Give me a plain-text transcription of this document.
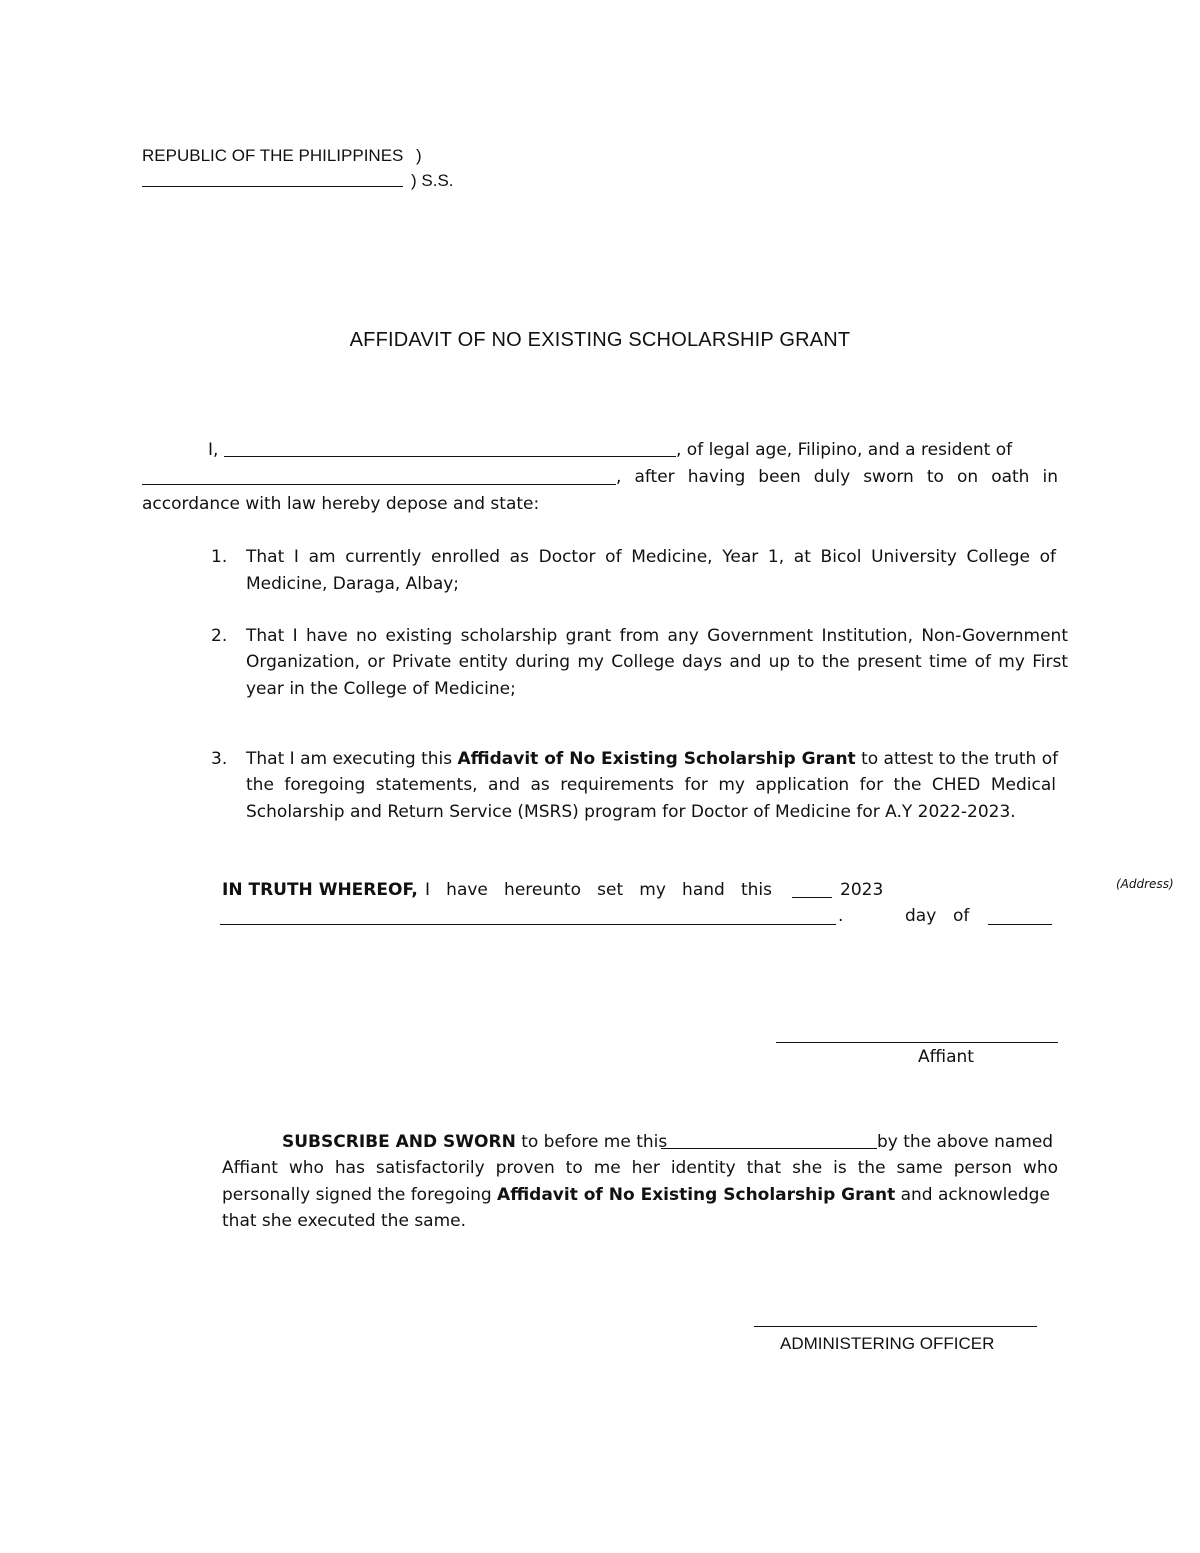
REPUBLIC OF THE PHILIPPINES )
) S.S.
AFFIDAVIT OF NO EXISTING SCHOLARSHIP GRANT
I,	, of legal age, Filipino, and a resident of
, after having been duly sworn to on oath in
accordance with law hereby depose and state:
1. That I am currently enrolled as Doctor of Medicine, Year 1, at Bicol University College of
Medicine, Daraga, Albay;
2. That I have no existing scholarship grant from any Government Institution, Non-Government
Organization, or Private entity during my College days and up to the present time of my First
year in the College of Medicine;
3. That I am executing this Affidavit of No Existing Scholarship Grant to attest to the truth of
the foregoing statements, and as requirements for my application for the CHED Medical
Scholarship and Return Service (MSRS) program for Doctor of Medicine for A.Y 2022-2023.
IN TRUTH WHEREOF, I have hereunto set my hand this	2023	(Address)
.	day of
Affiant
SUBSCRIBE AND SWORN to before me this	by the above named
Affiant who has satisfactorily proven to me her identity that she is the same person who
personally signed the foregoing Affidavit of No Existing Scholarship Grant and acknowledge
that she executed the same.
ADMINISTERING OFFICER
